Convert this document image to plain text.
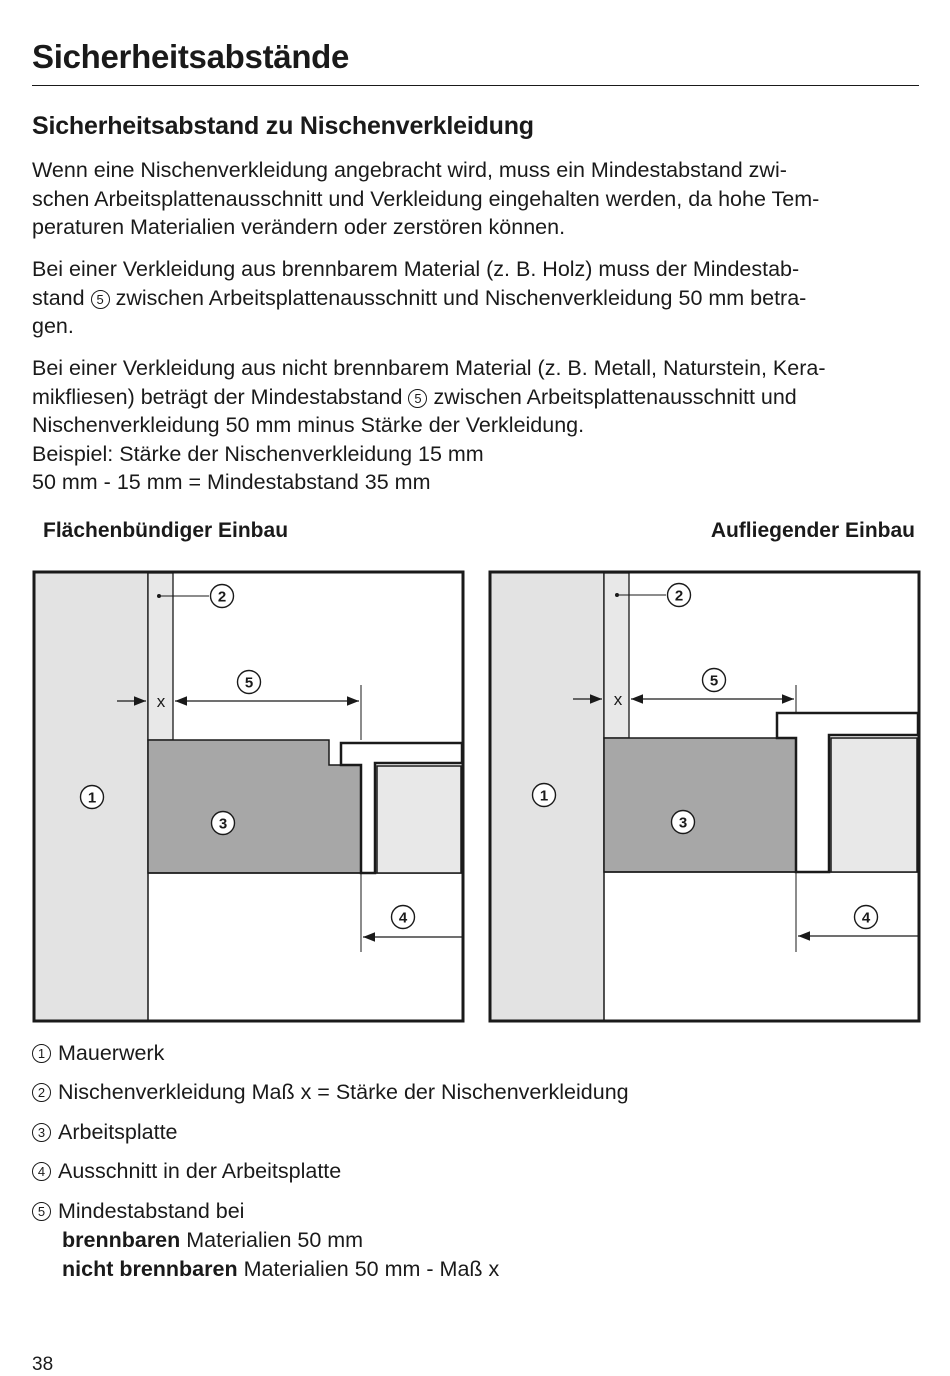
Sicherheitsabstände
Sicherheitsabstand zu Nischenverkleidung
Wenn eine Nischenverkleidung angebracht wird, muss ein Mindestabstand zwi-
schen Arbeitsplattenausschnitt und Verkleidung eingehalten werden, da hohe Tem-
peraturen Materialien verändern oder zerstören können.
Bei einer Verkleidung aus brennbarem Material (z. B. Holz) muss der Mindestab-
stand 5 zwischen Arbeitsplattenausschnitt und Nischenverkleidung 50 mm betra-
gen.
Bei einer Verkleidung aus nicht brennbarem Material (z. B. Metall, Naturstein, Kera-
mikfliesen) beträgt der Mindestabstand 5 zwischen Arbeitsplattenausschnitt und
Nischenverkleidung 50 mm minus Stärke der Verkleidung.
Beispiel: Stärke der Nischenverkleidung 15 mm
50 mm - 15 mm = Mindestabstand 35 mm
Flächenbündiger Einbau	Aufliegender Einbau
2
5
1
3
4
x
2
5
1
3
4
x
1 Mauerwerk
2 Nischenverkleidung Maß x = Stärke der Nischenverkleidung
3 Arbeitsplatte
4 Ausschnitt in der Arbeitsplatte
5 Mindestabstand bei
brennbaren Materialien 50 mm
nicht brennbaren Materialien 50 mm - Maß x
38
